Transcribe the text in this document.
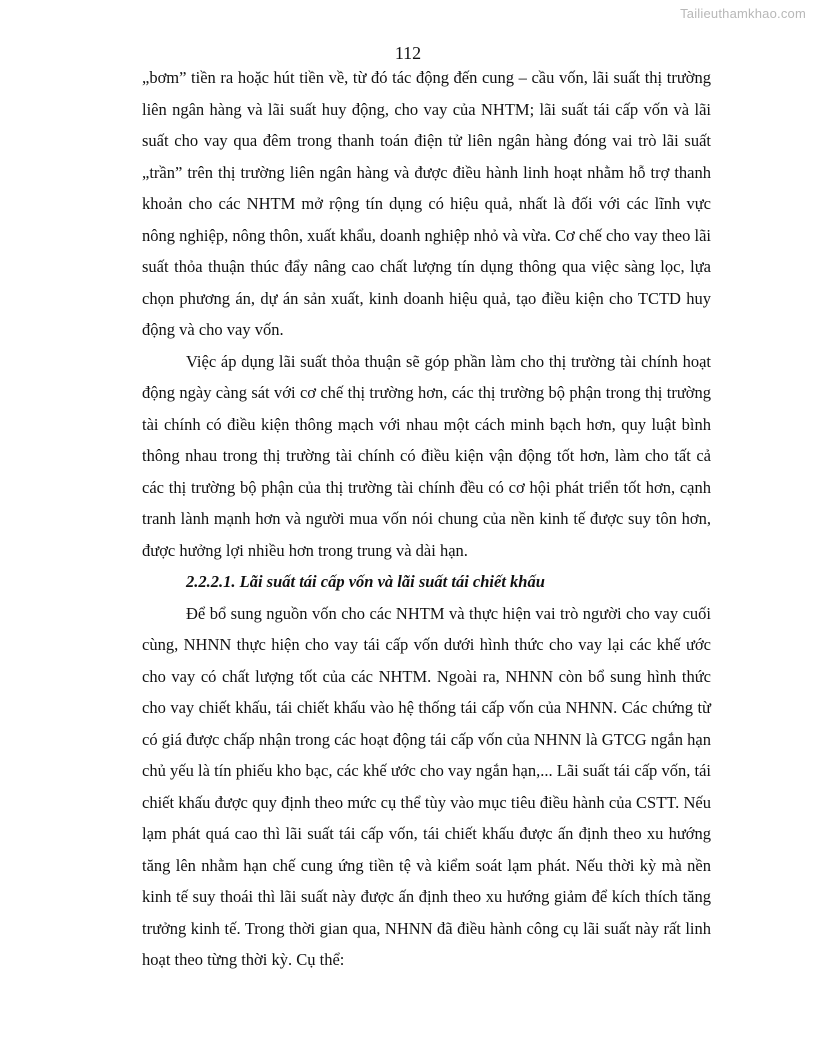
Tailieuthamkhao.com
112

„bơm” tiền ra hoặc hút tiền về, từ đó tác động đến cung – cầu vốn, lãi suất thị trường liên ngân hàng và lãi suất huy động, cho vay của NHTM; lãi suất tái cấp vốn và lãi suất cho vay qua đêm trong thanh toán điện tử liên ngân hàng đóng vai trò lãi suất „trần” trên thị trường liên ngân hàng và được điều hành linh hoạt nhằm hỗ trợ thanh khoản cho các NHTM mở rộng tín dụng có hiệu quả, nhất là đối với các lĩnh vực nông nghiệp, nông thôn, xuất khẩu, doanh nghiệp nhỏ và vừa. Cơ chế cho vay theo lãi suất thỏa thuận thúc đẩy nâng cao chất lượng tín dụng thông qua việc sàng lọc, lựa chọn phương án, dự án sản xuất, kinh doanh hiệu quả, tạo điều kiện cho TCTD huy động và cho vay vốn.

Việc áp dụng lãi suất thỏa thuận sẽ góp phần làm cho thị trường tài chính hoạt động ngày càng sát với cơ chế thị trường hơn, các thị trường bộ phận trong thị trường tài chính có điều kiện thông mạch với nhau một cách minh bạch hơn, quy luật bình thông nhau trong thị trường tài chính có điều kiện vận động tốt hơn, làm cho tất cả các thị trường bộ phận của thị trường tài chính đều có cơ hội phát triển tốt hơn, cạnh tranh lành mạnh hơn và người mua vốn nói chung của nền kinh tế được suy tôn hơn, được hưởng lợi nhiều hơn trong trung và dài hạn.

2.2.2.1. Lãi suất tái cấp vốn và lãi suất tái chiết khấu

Để bổ sung nguồn vốn cho các NHTM và thực hiện vai trò người cho vay cuối cùng, NHNN thực hiện cho vay tái cấp vốn dưới hình thức cho vay lại các khế ước cho vay có chất lượng tốt của các NHTM. Ngoài ra, NHNN còn bổ sung hình thức cho vay chiết khấu, tái chiết khấu vào hệ thống tái cấp vốn của NHNN. Các chứng từ có giá được chấp nhận trong các hoạt động tái cấp vốn của NHNN là GTCG ngắn hạn chủ yếu là tín phiếu kho bạc, các khế ước cho vay ngắn hạn,... Lãi suất tái cấp vốn, tái chiết khấu được quy định theo mức cụ thể tùy vào mục tiêu điều hành của CSTT. Nếu lạm phát quá cao thì lãi suất tái cấp vốn, tái chiết khấu được ấn định theo xu hướng tăng lên nhằm hạn chế cung ứng tiền tệ và kiểm soát lạm phát. Nếu thời kỳ mà nền kinh tế suy thoái thì lãi suất này được ấn định theo xu hướng giảm để kích thích tăng trưởng kinh tế. Trong thời gian qua, NHNN đã điều hành công cụ lãi suất này rất linh hoạt theo từng thời kỳ. Cụ thể:
